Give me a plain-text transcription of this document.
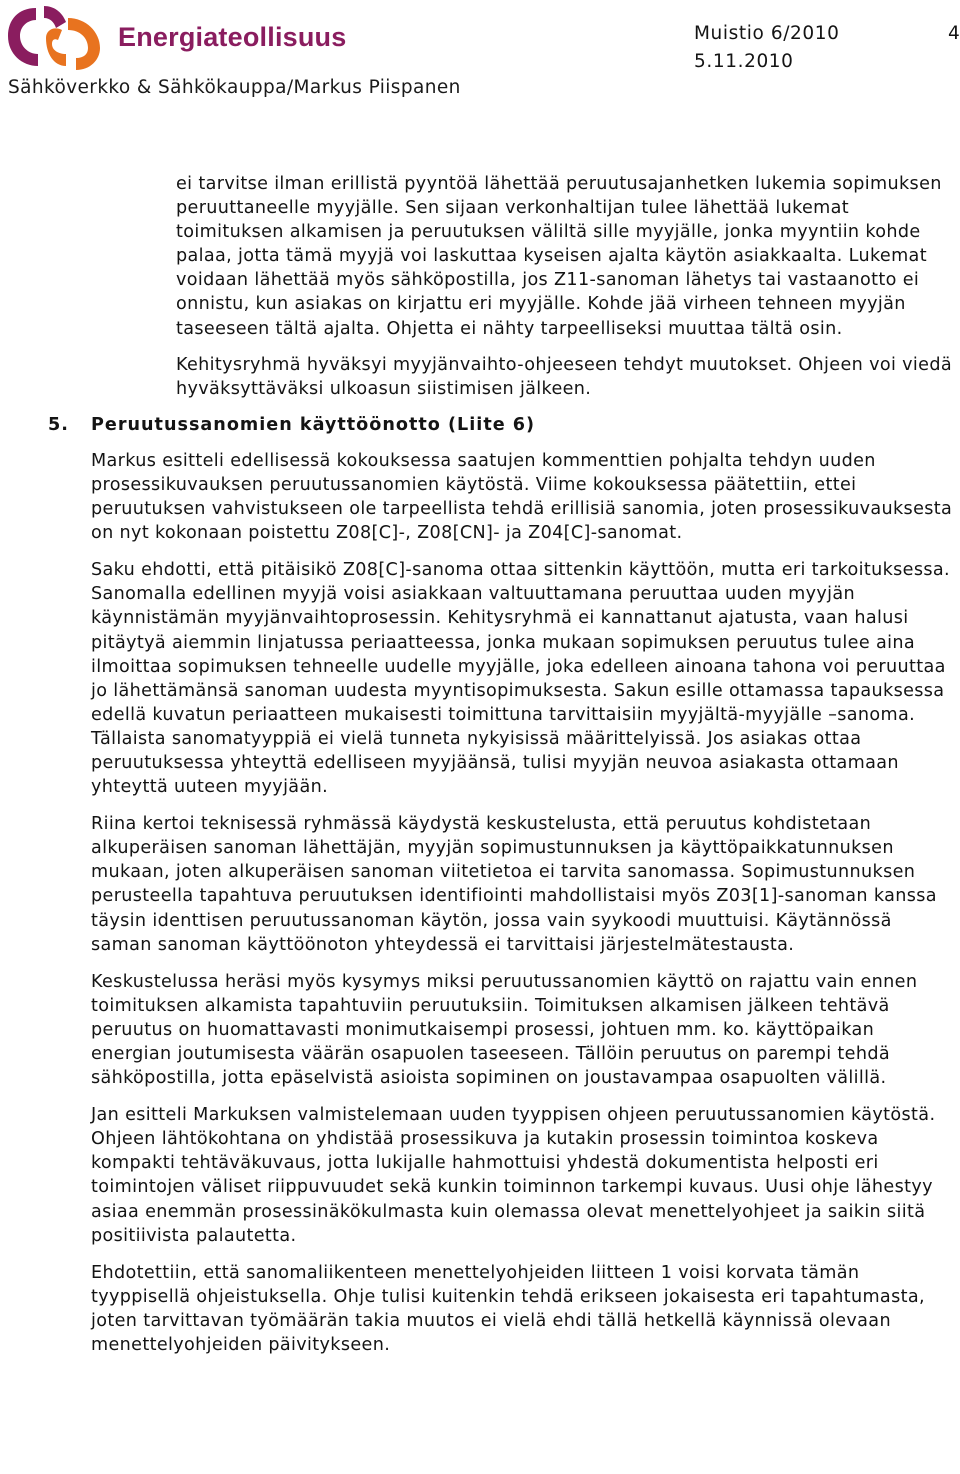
Energiateollisuus
Sähköverkko & Sähkökauppa/Markus Piispanen
Muistio 6/2010
5.11.2010
4

ei tarvitse ilman erillistä pyyntöä lähettää peruutusajanhetken lukemia sopimuksen peruuttaneelle myyjälle. Sen sijaan verkonhaltijan tulee lähettää lukemat toimituksen alkamisen ja peruutuksen väliltä sille myyjälle, jonka myyntiin kohde palaa, jotta tämä myyjä voi laskuttaa kyseisen ajalta käytön asiakkaalta. Lukemat voidaan lähettää myös sähköpostilla, jos Z11-sanoman lähetys tai vastaanotto ei onnistu, kun asiakas on kirjattu eri myyjälle. Kohde jää virheen tehneen myyjän taseeseen tältä ajalta. Ohjetta ei nähty tarpeelliseksi muuttaa tältä osin.

Kehitysryhmä hyväksyi myyjänvaihto-ohjeeseen tehdyt muutokset. Ohjeen voi viedä hyväksyttäväksi ulkoasun siistimisen jälkeen.

5. Peruutussanomien käyttöönotto (Liite 6)

Markus esitteli edellisessä kokouksessa saatujen kommenttien pohjalta tehdyn uuden prosessikuvauksen peruutussanomien käytöstä. Viime kokouksessa päätettiin, ettei peruutuksen vahvistukseen ole tarpeellista tehdä erillisiä sanomia, joten prosessikuvauksesta on nyt kokonaan poistettu Z08[C]-, Z08[CN]- ja Z04[C]-sanomat.

Saku ehdotti, että pitäisikö Z08[C]-sanoma ottaa sittenkin käyttöön, mutta eri tarkoituksessa. Sanomalla edellinen myyjä voisi asiakkaan valtuuttamana peruuttaa uuden myyjän käynnistämän myyjänvaihtoprosessin. Kehitysryhmä ei kannattanut ajatusta, vaan halusi pitäytyä aiemmin linjatussa periaatteessa, jonka mukaan sopimuksen peruutus tulee aina ilmoittaa sopimuksen tehneelle uudelle myyjälle, joka edelleen ainoana tahona voi peruuttaa jo lähettämänsä sanoman uudesta myyntisopimuksesta. Sakun esille ottamassa tapauksessa edellä kuvatun periaatteen mukaisesti toimittuna tarvittaisiin myyjältä-myyjälle –sanoma. Tällaista sanomatyyppiä ei vielä tunneta nykyisissä määrittelyissä. Jos asiakas ottaa peruutuksessa yhteyttä edelliseen myyjäänsä, tulisi myyjän neuvoa asiakasta ottamaan yhteyttä uuteen myyjään.

Riina kertoi teknisessä ryhmässä käydystä keskustelusta, että peruutus kohdistetaan alkuperäisen sanoman lähettäjän, myyjän sopimustunnuksen ja käyttöpaikkatunnuksen mukaan, joten alkuperäisen sanoman viitetietoa ei tarvita sanomassa. Sopimustunnuksen perusteella tapahtuva peruutuksen identifiointi mahdollistaisi myös Z03[1]-sanoman kanssa täysin identtisen peruutussanoman käytön, jossa vain syykoodi muuttuisi. Käytännössä saman sanoman käyttöönoton yhteydessä ei tarvittaisi järjestelmätestausta.

Keskustelussa heräsi myös kysymys miksi peruutussanomien käyttö on rajattu vain ennen toimituksen alkamista tapahtuviin peruutuksiin. Toimituksen alkamisen jälkeen tehtävä peruutus on huomattavasti monimutkaisempi prosessi, johtuen mm. ko. käyttöpaikan energian joutumisesta väärän osapuolen taseeseen. Tällöin peruutus on parempi tehdä sähköpostilla, jotta epäselvistä asioista sopiminen on joustavampaa osapuolten välillä.

Jan esitteli Markuksen valmistelemaan uuden tyyppisen ohjeen peruutussanomien käytöstä. Ohjeen lähtökohtana on yhdistää prosessikuva ja kutakin prosessin toimintoa koskeva kompakti tehtäväkuvaus, jotta lukijalle hahmottuisi yhdestä dokumentista helposti eri toimintojen väliset riippuvuudet sekä kunkin toiminnon tarkempi kuvaus. Uusi ohje lähestyy asiaa enemmän prosessinäkökulmasta kuin olemassa olevat menettelyohjeet ja saikin siitä positiivista palautetta.

Ehdotettiin, että sanomaliikenteen menettelyohjeiden liitteen 1 voisi korvata tämän tyyppisellä ohjeistuksella. Ohje tulisi kuitenkin tehdä erikseen jokaisesta eri tapahtumasta, joten tarvittavan työmäärän takia muutos ei vielä ehdi tällä hetkellä käynnissä olevaan menettelyohjeiden päivitykseen.
